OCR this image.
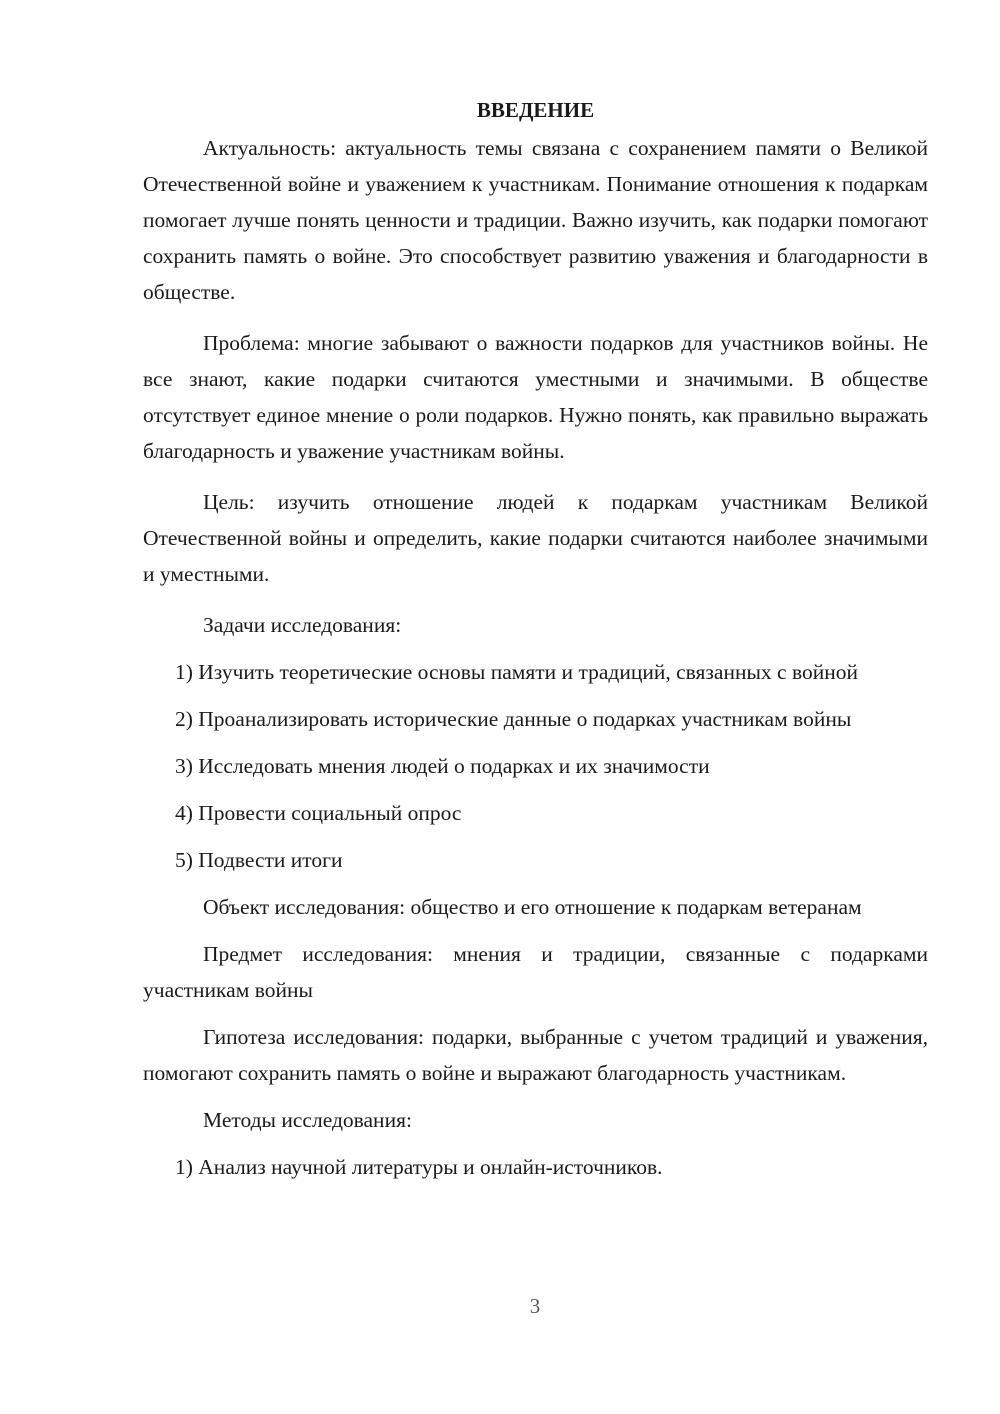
ВВЕДЕНИЕ

Актуальность: актуальность темы связана с сохранением памяти о Великой Отечественной войне и уважением к участникам. Понимание отношения к подаркам помогает лучше понять ценности и традиции. Важно изучить, как подарки помогают сохранить память о войне. Это способствует развитию уважения и благодарности в обществе.

Проблема: многие забывают о важности подарков для участников войны. Не все знают, какие подарки считаются уместными и значимыми. В обществе отсутствует единое мнение о роли подарков. Нужно понять, как правильно выражать благодарность и уважение участникам войны.

Цель: изучить отношение людей к подаркам участникам Великой Отечественной войны и определить, какие подарки считаются наиболее значимыми и уместными.

Задачи исследования:

1) Изучить теоретические основы памяти и традиций, связанных с войной

2) Проанализировать исторические данные о подарках участникам войны

3) Исследовать мнения людей о подарках и их значимости

4) Провести социальный опрос

5) Подвести итоги

Объект исследования: общество и его отношение к подаркам ветеранам

Предмет исследования: мнения и традиции, связанные с подарками участникам войны

Гипотеза исследования: подарки, выбранные с учетом традиций и уважения, помогают сохранить память о войне и выражают благодарность участникам.

Методы исследования:

1) Анализ научной литературы и онлайн-источников.

3
